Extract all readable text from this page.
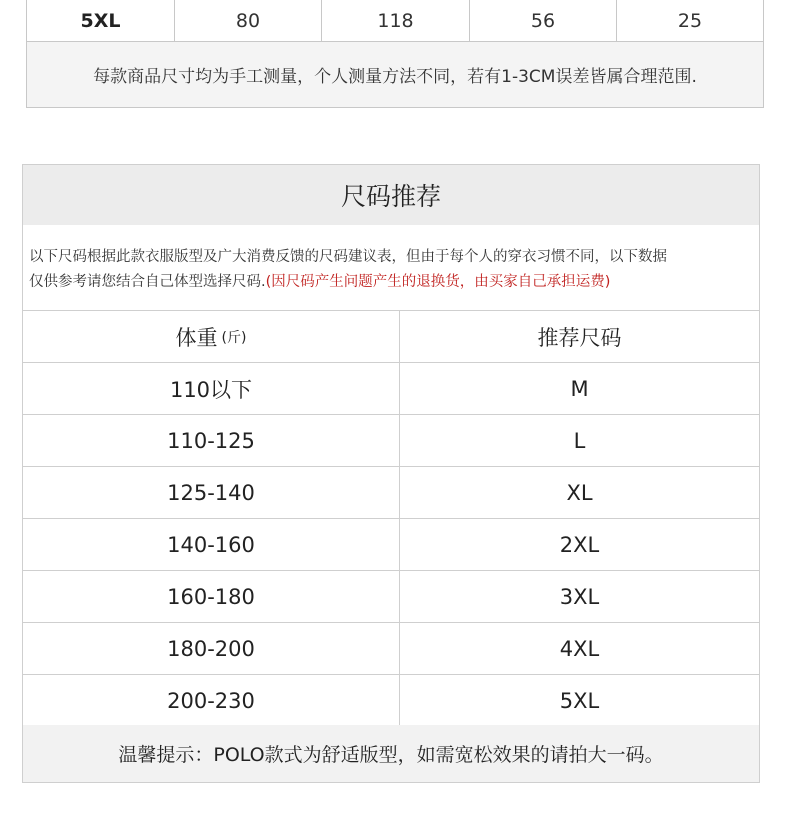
5XL	80	118	56	25
每款商品尺寸均为手工测量，个人测量方法不同，若有1-3CM误差皆属合理范围.
尺码推荐
以下尺码根据此款衣服版型及广大消费反馈的尺码建议表，但由于每个人的穿衣习惯不同，以下数据
仅供参考请您结合自己体型选择尺码.(因尺码产生问题产生的退换货，由买家自己承担运费)
体重 (斤)	推荐尺码
110以下	M
110-125	L
125-140	XL
140-160	2XL
160-180	3XL
180-200	4XL
200-230	5XL
温馨提示：POLO款式为舒适版型，如需宽松效果的请拍大一码。
